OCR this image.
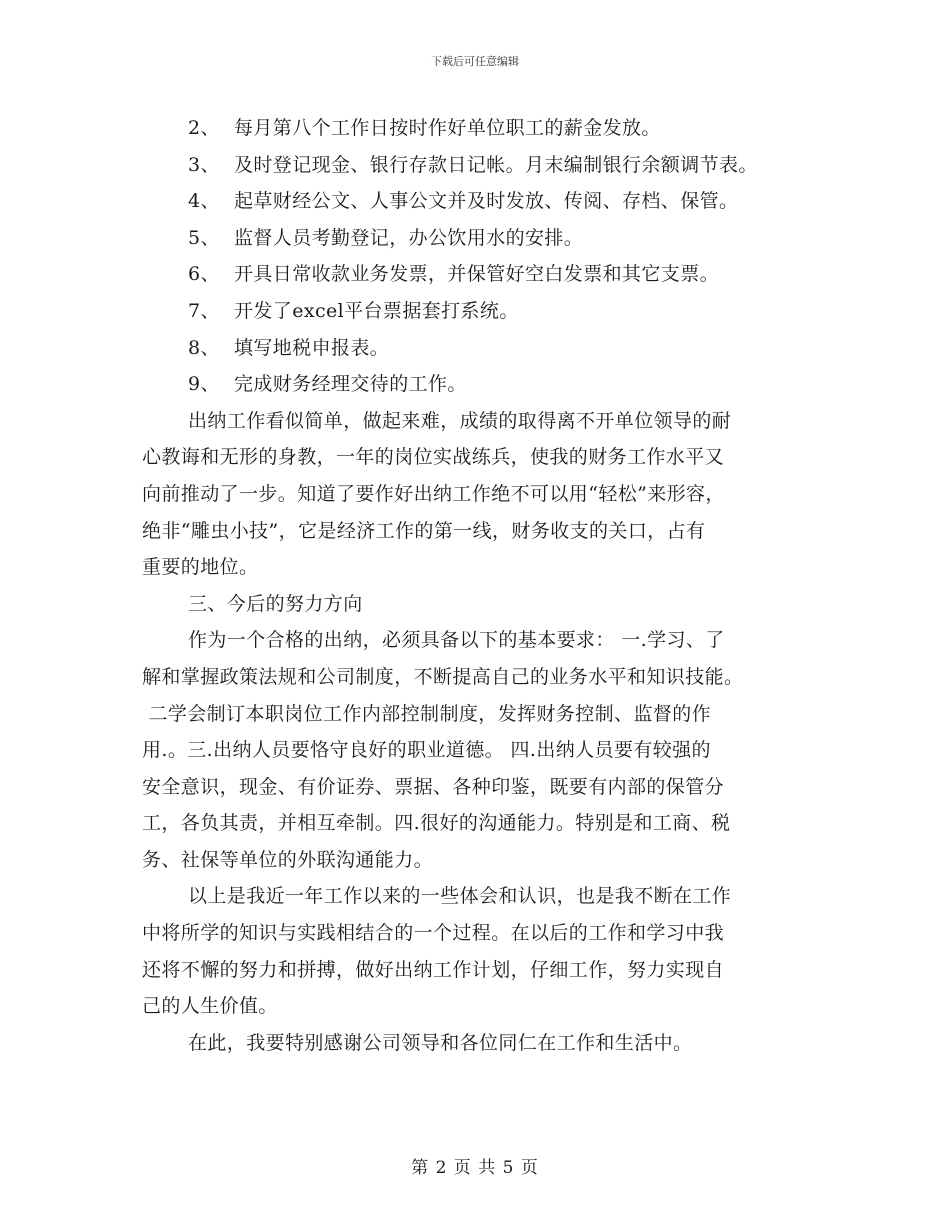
下载后可任意编辑
2、 每月第八个工作日按时作好单位职工的薪金发放。
3、 及时登记现金、银行存款日记帐。月末编制银行余额调节表。
4、 起草财经公文、人事公文并及时发放、传阅、存档、保管。
5、 监督人员考勤登记，办公饮用水的安排。
6、 开具日常收款业务发票，并保管好空白发票和其它支票。
7、 开发了excel平台票据套打系统。
8、 填写地税申报表。
9、 完成财务经理交待的工作。
出纳工作看似简单，做起来难，成绩的取得离不开单位领导的耐
心教诲和无形的身教，一年的岗位实战练兵，使我的财务工作水平又
向前推动了一步。知道了要作好出纳工作绝不可以用“轻松”来形容，
绝非“雕虫小技”，它是经济工作的第一线，财务收支的关口，占有
重要的地位。
三、今后的努力方向
作为一个合格的出纳，必须具备以下的基本要求： 一.学习、了
解和掌握政策法规和公司制度，不断提高自己的业务水平和知识技能。
二学会制订本职岗位工作内部控制制度，发挥财务控制、监督的作
用.。三.出纳人员要恪守良好的职业道德。 四.出纳人员要有较强的
安全意识，现金、有价证券、票据、各种印鉴，既要有内部的保管分
工，各负其责，并相互牵制。四.很好的沟通能力。特别是和工商、税
务、社保等单位的外联沟通能力。
以上是我近一年工作以来的一些体会和认识，也是我不断在工作
中将所学的知识与实践相结合的一个过程。在以后的工作和学习中我
还将不懈的努力和拼搏，做好出纳工作计划，仔细工作，努力实现自
己的人生价值。
在此，我要特别感谢公司领导和各位同仁在工作和生活中。
第 2 页 共 5 页
